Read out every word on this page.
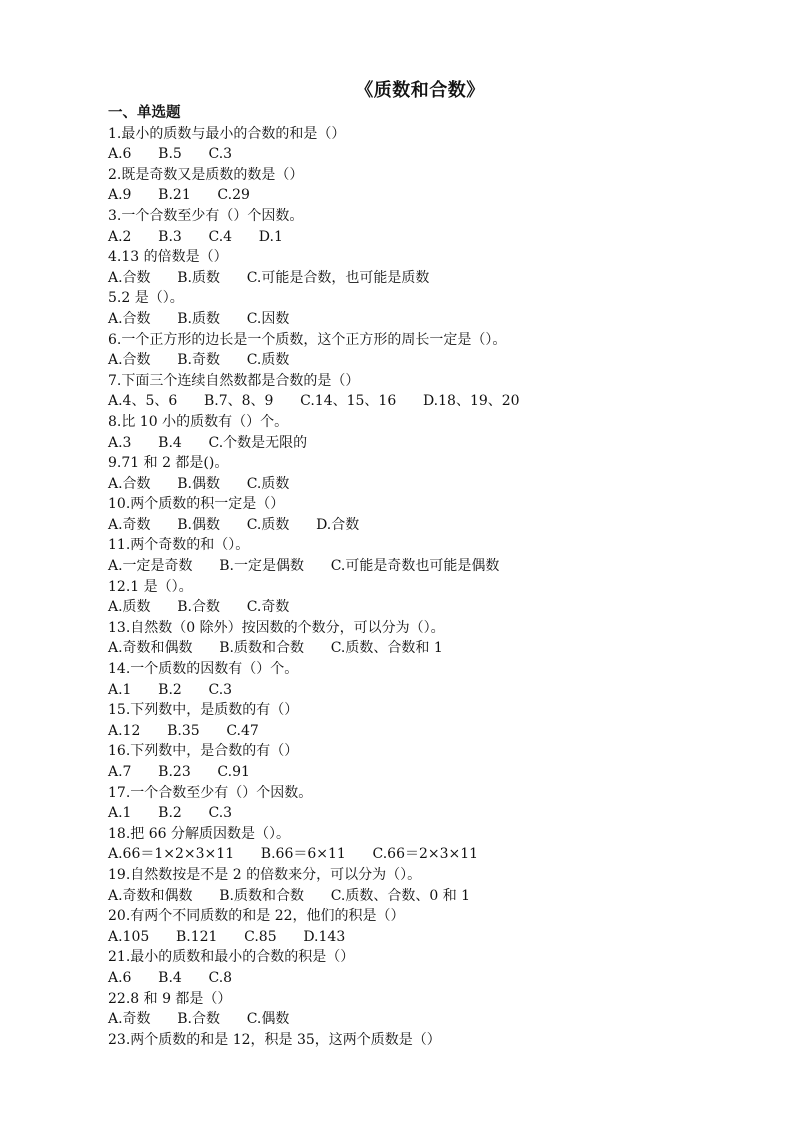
《质数和合数》
一、单选题
1.最小的质数与最小的合数的和是（）
A.6      B.5      C.3
2.既是奇数又是质数的数是（）
A.9      B.21      C.29
3.一个合数至少有（）个因数。
A.2      B.3      C.4      D.1
4.13 的倍数是（）
A.合数      B.质数      C.可能是合数，也可能是质数
5.2 是（）。
A.合数      B.质数      C.因数
6.一个正方形的边长是一个质数，这个正方形的周长一定是（）。
A.合数      B.奇数      C.质数
7.下面三个连续自然数都是合数的是（）
A.4、5、6      B.7、8、9      C.14、15、16      D.18、19、20
8.比 10 小的质数有（）个。
A.3      B.4      C.个数是无限的
9.71 和 2 都是()。
A.合数      B.偶数      C.质数
10.两个质数的积一定是（）
A.奇数      B.偶数      C.质数      D.合数
11.两个奇数的和（）。
A.一定是奇数      B.一定是偶数      C.可能是奇数也可能是偶数
12.1 是（）。
A.质数      B.合数      C.奇数
13.自然数（0 除外）按因数的个数分，可以分为（）。
A.奇数和偶数      B.质数和合数      C.质数、合数和 1
14.一个质数的因数有（）个。
A.1      B.2      C.3
15.下列数中，是质数的有（）
A.12      B.35      C.47
16.下列数中，是合数的有（）
A.7      B.23      C.91
17.一个合数至少有（）个因数。
A.1      B.2      C.3
18.把 66 分解质因数是（）。
A.66＝1×2×3×11      B.66＝6×11      C.66＝2×3×11
19.自然数按是不是 2 的倍数来分，可以分为（）。
A.奇数和偶数      B.质数和合数      C.质数、合数、0 和 1
20.有两个不同质数的和是 22，他们的积是（）
A.105      B.121      C.85      D.143
21.最小的质数和最小的合数的积是（）
A.6      B.4      C.8
22.8 和 9 都是（）
A.奇数      B.合数      C.偶数
23.两个质数的和是 12，积是 35，这两个质数是（）
